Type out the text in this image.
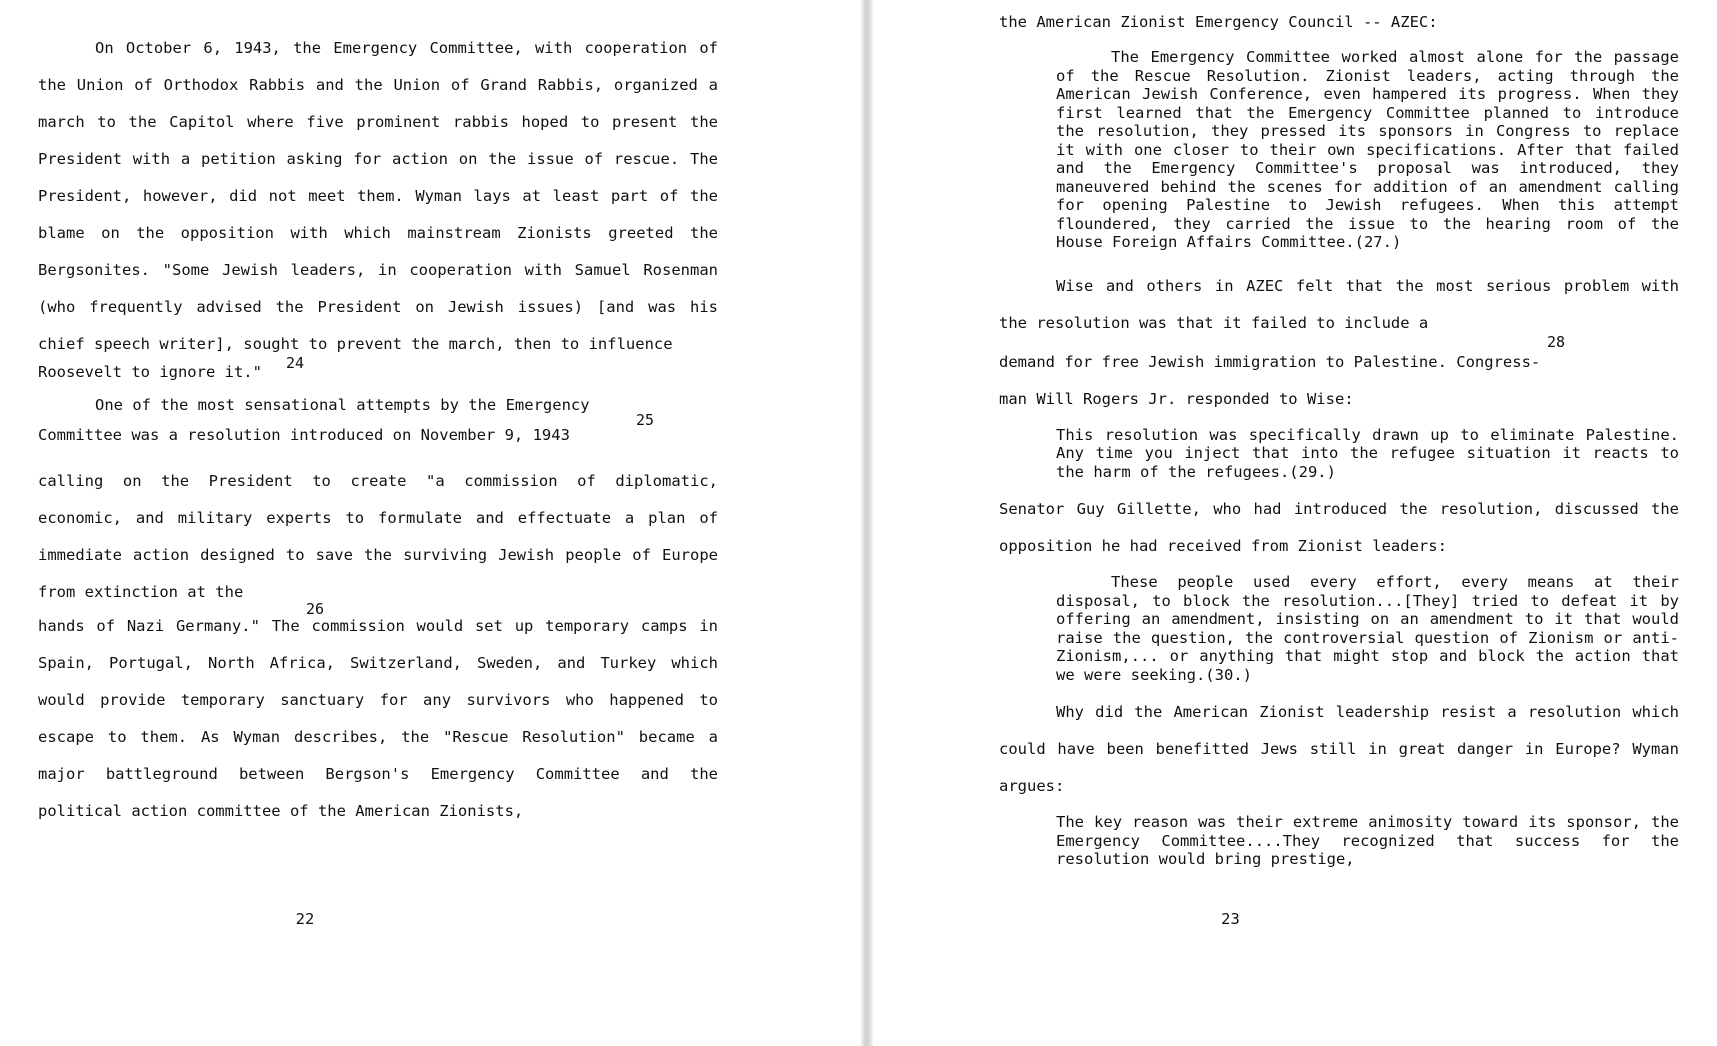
On October 6, 1943, the Emergency Committee, with cooperation of the Union of Orthodox Rabbis and the Union of Grand Rabbis, organized a march to the Capitol where five prominent rabbis hoped to present the President with a petition asking for action on the issue of rescue. The President, however, did not meet them. Wyman lays at least part of the blame on the opposition with which mainstream Zionists greeted the Bergsonites. "Some Jewish leaders, in cooperation with Samuel Rosenman (who frequently advised the President on Jewish issues) [and was his chief speech writer], sought to prevent the march, then to influence

24

Roosevelt to ignore it."

One of the most sensational attempts by the Emergency

25

Committee was a resolution introduced on November 9, 1943

calling on the President to create "a commission of diplomatic, economic, and military experts to formulate and effectuate a plan of immediate action designed to save the surviving Jewish people of Europe from extinction at the

26

hands of Nazi Germany." The commission would set up temporary camps in Spain, Portugal, North Africa, Switzerland, Sweden, and Turkey which would provide temporary sanctuary for any survivors who happened to escape to them. As Wyman describes, the "Rescue Resolution" became a major battleground between Bergson's Emergency Committee and the political action committee of the American Zionists,

22

the American Zionist Emergency Council -- AZEC:

The Emergency Committee worked almost alone for the passage of the Rescue Resolution. Zionist leaders, acting through the American Jewish Conference, even hampered its progress. When they first learned that the Emergency Committee planned to introduce the resolution, they pressed its sponsors in Congress to replace it with one closer to their own specifications. After that failed and the Emergency Committee's proposal was introduced, they maneuvered behind the scenes for addition of an amendment calling for opening Palestine to Jewish refugees. When this attempt floundered, they carried the issue to the hearing room of the House Foreign Affairs Committee.(27.)

Wise and others in AZEC felt that the most serious problem with the resolution was that it failed to include a

28

demand for free Jewish immigration to Palestine. Congress-

man Will Rogers Jr. responded to Wise:

This resolution was specifically drawn up to eliminate Palestine. Any time you inject that into the refugee situation it reacts to the harm of the refugees.(29.)

Senator Guy Gillette, who had introduced the resolution, discussed the opposition he had received from Zionist leaders:

These people used every effort, every means at their disposal, to block the resolution...[They] tried to defeat it by offering an amendment, insisting on an amendment to it that would raise the question, the controversial question of Zionism or anti-Zionism,... or anything that might stop and block the action that we were seeking.(30.)

Why did the American Zionist leadership resist a resolution which could have been benefitted Jews still in great danger in Europe? Wyman argues:

The key reason was their extreme animosity toward its sponsor, the Emergency Committee....They recognized that success for the resolution would bring prestige,

23
